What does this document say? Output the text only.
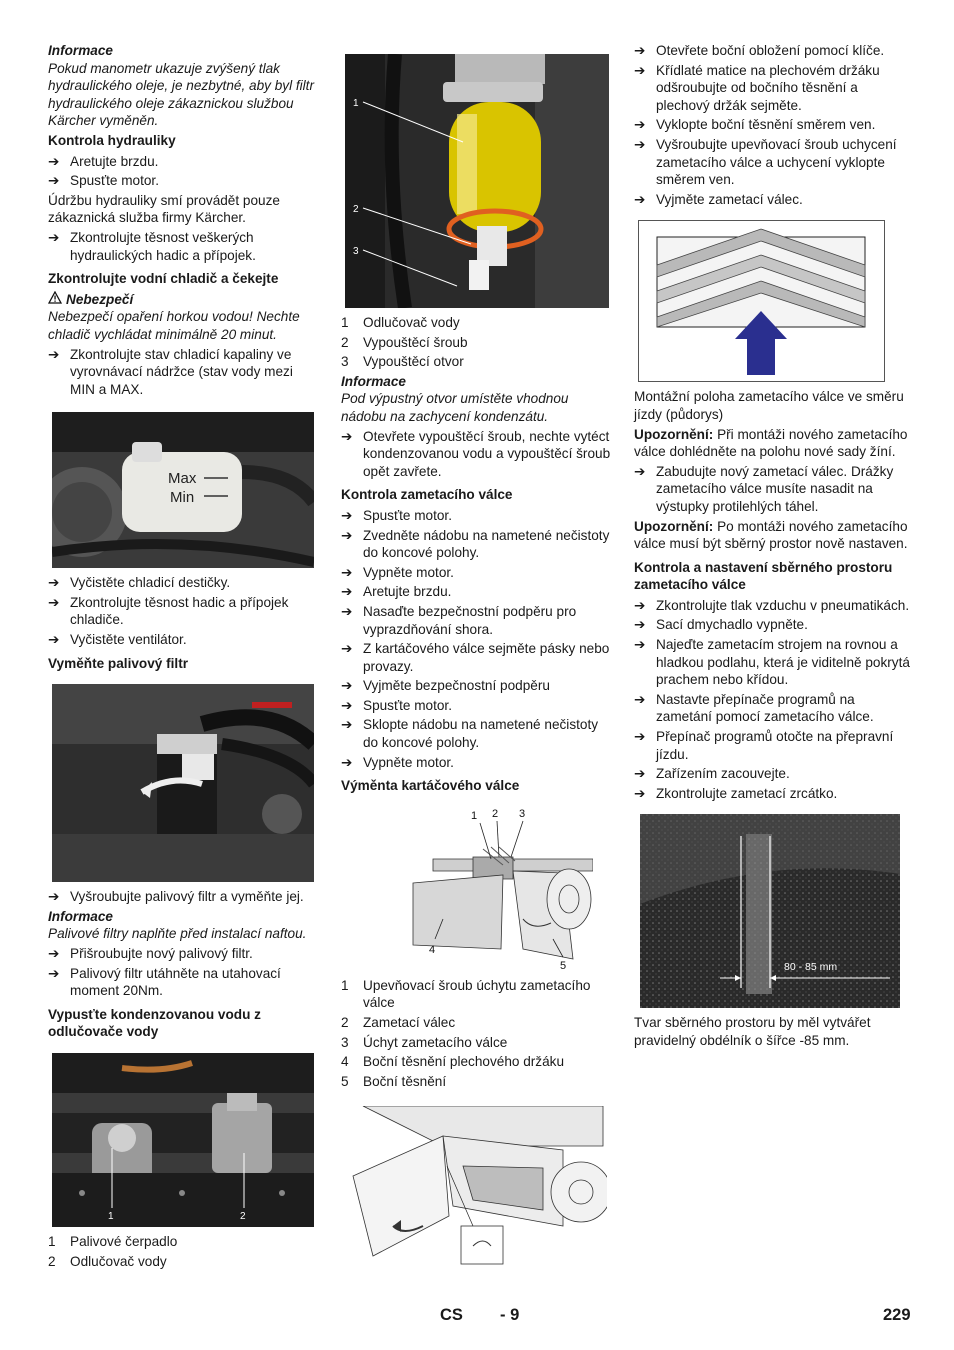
Informace

Pokud manometr ukazuje zvýšený tlak hydraulického oleje, je nezbytné, aby byl filtr hydraulického oleje zákaznickou službou Kärcher vyměněn.

Kontrola hydrauliky
➔ Aretujte brzdu.
➔ Spusťte motor.

Údržbu hydrauliky smí provádět pouze zákaznická služba firmy Kärcher.

➔ Zkontrolujte těsnost veškerých hydraulických hadic a přípojek.
Zkontrolujte vodní chladič a čekejte
Nebezpečí

Nebezpečí opaření horkou vodou! Nechte chladič vychládat minimálně 20 minut.

➔ Zkontrolujte stav chladicí kapaliny ve vyrovnávací nádržce (stav vody mezi MIN a MAX.
Max
Min
➔ Vyčistěte chladicí destičky.
➔ Zkontrolujte těsnost hadic a přípojek chladiče.
➔ Vyčistěte ventilátor.
Vyměňte palivový filtr
➔ Vyšroubujte palivový filtr a vyměňte jej.
Informace

Palivové filtry naplňte před instalací naftou.

➔ Přišroubujte nový palivový filtr.
➔ Palivový filtr utáhněte na utahovací moment 20Nm.
Vypusťte kondenzovanou vodu z odlučovače vody
1	2
1	Palivové čerpadlo
2	Odlučovač vody
1
2
3
1	Odlučovač vody
2	Vypouštěcí šroub
3	Vypouštěcí otvor
Informace

Pod výpustný otvor umístěte vhodnou nádobu na zachycení kondenzátu.

➔ Otevřete vypouštěcí šroub, nechte vytéct kondenzovanou vodu a vypouštěcí šroub opět zavřete.
Kontrola zametacího válce
➔ Spusťte motor.
➔ Zvedněte nádobu na nametené nečistoty do koncové polohy.
➔ Vypněte motor.
➔ Aretujte brzdu.
➔ Nasaďte bezpečnostní podpěru pro vyprazdňování shora.
➔ Z kartáčového válce sejměte pásky nebo provazy.
➔ Vyjměte bezpečnostní podpěru
➔ Spusťte motor.
➔ Sklopte nádobu na nametené nečistoty do koncové polohy.
➔ Vypněte motor.
Výměnta kartáčového válce
1 2 3
4
5
1	Upevňovací šroub úchytu zametacího válce
2	Zametací válec
3	Úchyt zametacího válce
4	Boční těsnění plechového držáku
5	Boční těsnění
➔ Otevřete boční obložení pomocí klíče.
➔ Křídlaté matice na plechovém držáku odšroubujte od bočního těsnění a plechový držák sejměte.
➔ Vyklopte boční těsnění směrem ven.
➔ Vyšroubujte upevňovací šroub uchycení zametacího válce a uchycení vyklopte směrem ven.
➔ Vyjměte zametací válec.

Montážní poloha zametacího válce ve směru jízdy (půdorys)

Upozornění: Při montáži nového zametacího válce dohlédněte na polohu nové sady žíní.

➔ Zabudujte nový zametací válec. Drážky zametacího válce musíte nasadit na výstupky protilehlých táhel.

Upozornění: Po montáži nového zametacího válce musí být sběrný prostor nově nastaven.

Kontrola a nastavení sběrného prostoru zametacího válce
➔ Zkontrolujte tlak vzduchu v pneumatikách.
➔ Sací dmychadlo vypněte.
➔ Najeďte zametacím strojem na rovnou a hladkou podlahu, která je viditelně pokrytá prachem nebo křídou.
➔ Nastavte přepínače programů na zametání pomocí zametacího válce.
➔ Přepínač programů otočte na přepravní jízdu.
➔ Zařízením zacouvejte.
➔ Zkontrolujte zametací zrcátko.
80 - 85 mm

Tvar sběrného prostoru by měl vytvářet pravidelný obdélník o šířce -85 mm.

CS - 9	229
